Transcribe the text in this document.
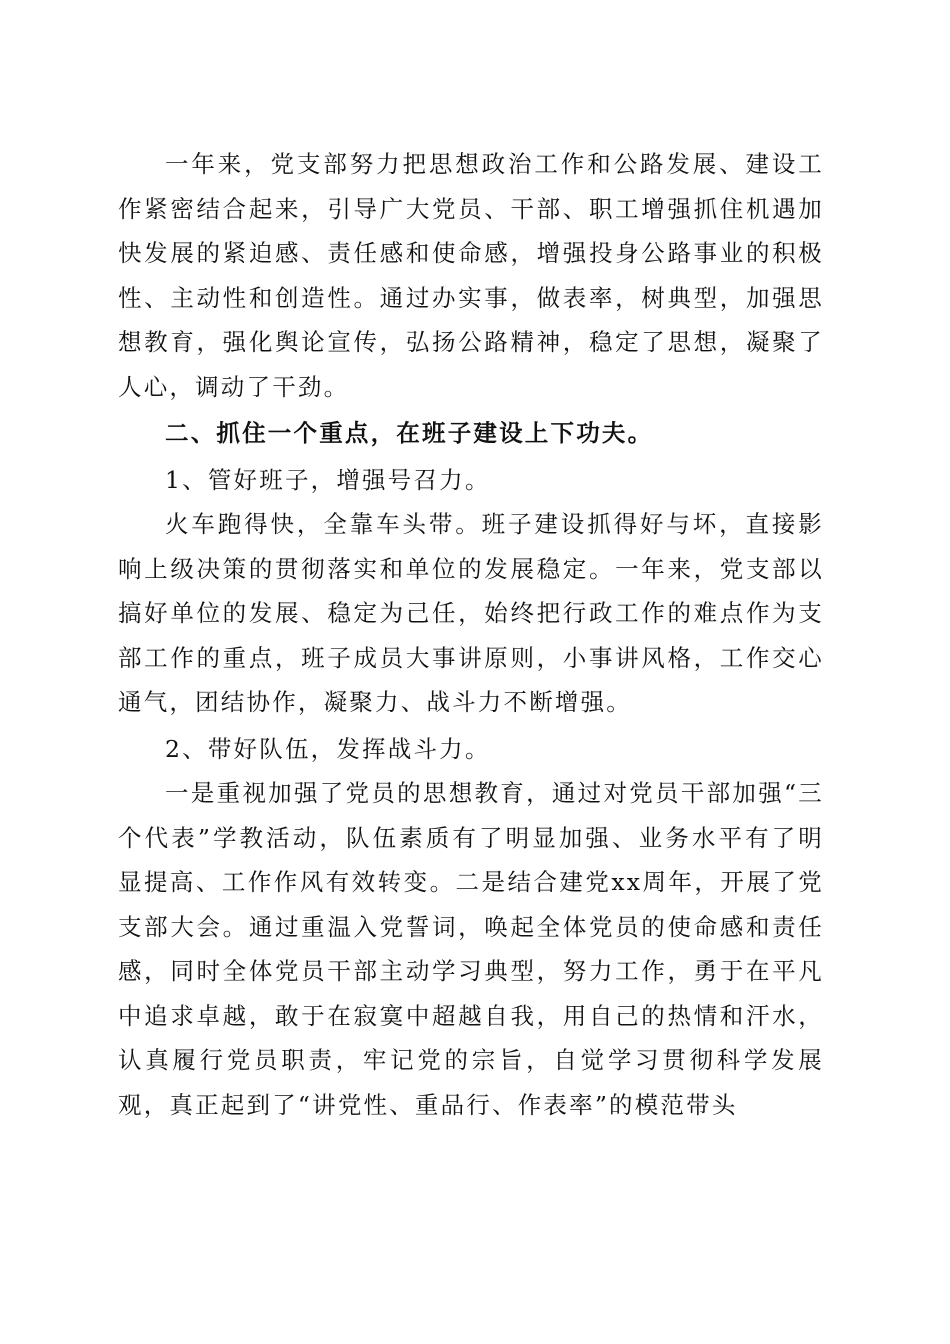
一年来，党支部努力把思想政治工作和公路发展、建设工作紧密结合起来，引导广大党员、干部、职工增强抓住机遇加快发展的紧迫感、责任感和使命感，增强投身公路事业的积极性、主动性和创造性。通过办实事，做表率，树典型，加强思想教育，强化舆论宣传，弘扬公路精神，稳定了思想，凝聚了人心，调动了干劲。

二、抓住一个重点，在班子建设上下功夫。

1、管好班子，增强号召力。

火车跑得快，全靠车头带。班子建设抓得好与坏，直接影响上级决策的贯彻落实和单位的发展稳定。一年来，党支部以搞好单位的发展、稳定为己任，始终把行政工作的难点作为支部工作的重点，班子成员大事讲原则，小事讲风格，工作交心通气，团结协作，凝聚力、战斗力不断增强。

2、带好队伍，发挥战斗力。

一是重视加强了党员的思想教育，通过对党员干部加强“三个代表”学教活动，队伍素质有了明显加强、业务水平有了明显提高、工作作风有效转变。二是结合建党xx周年，开展了党支部大会。通过重温入党誓词，唤起全体党员的使命感和责任感，同时全体党员干部主动学习典型，努力工作，勇于在平凡中追求卓越，敢于在寂寞中超越自我，用自己的热情和汗水，认真履行党员职责，牢记党的宗旨，自觉学习贯彻科学发展观，真正起到了“讲党性、重品行、作表率”的模范带头
